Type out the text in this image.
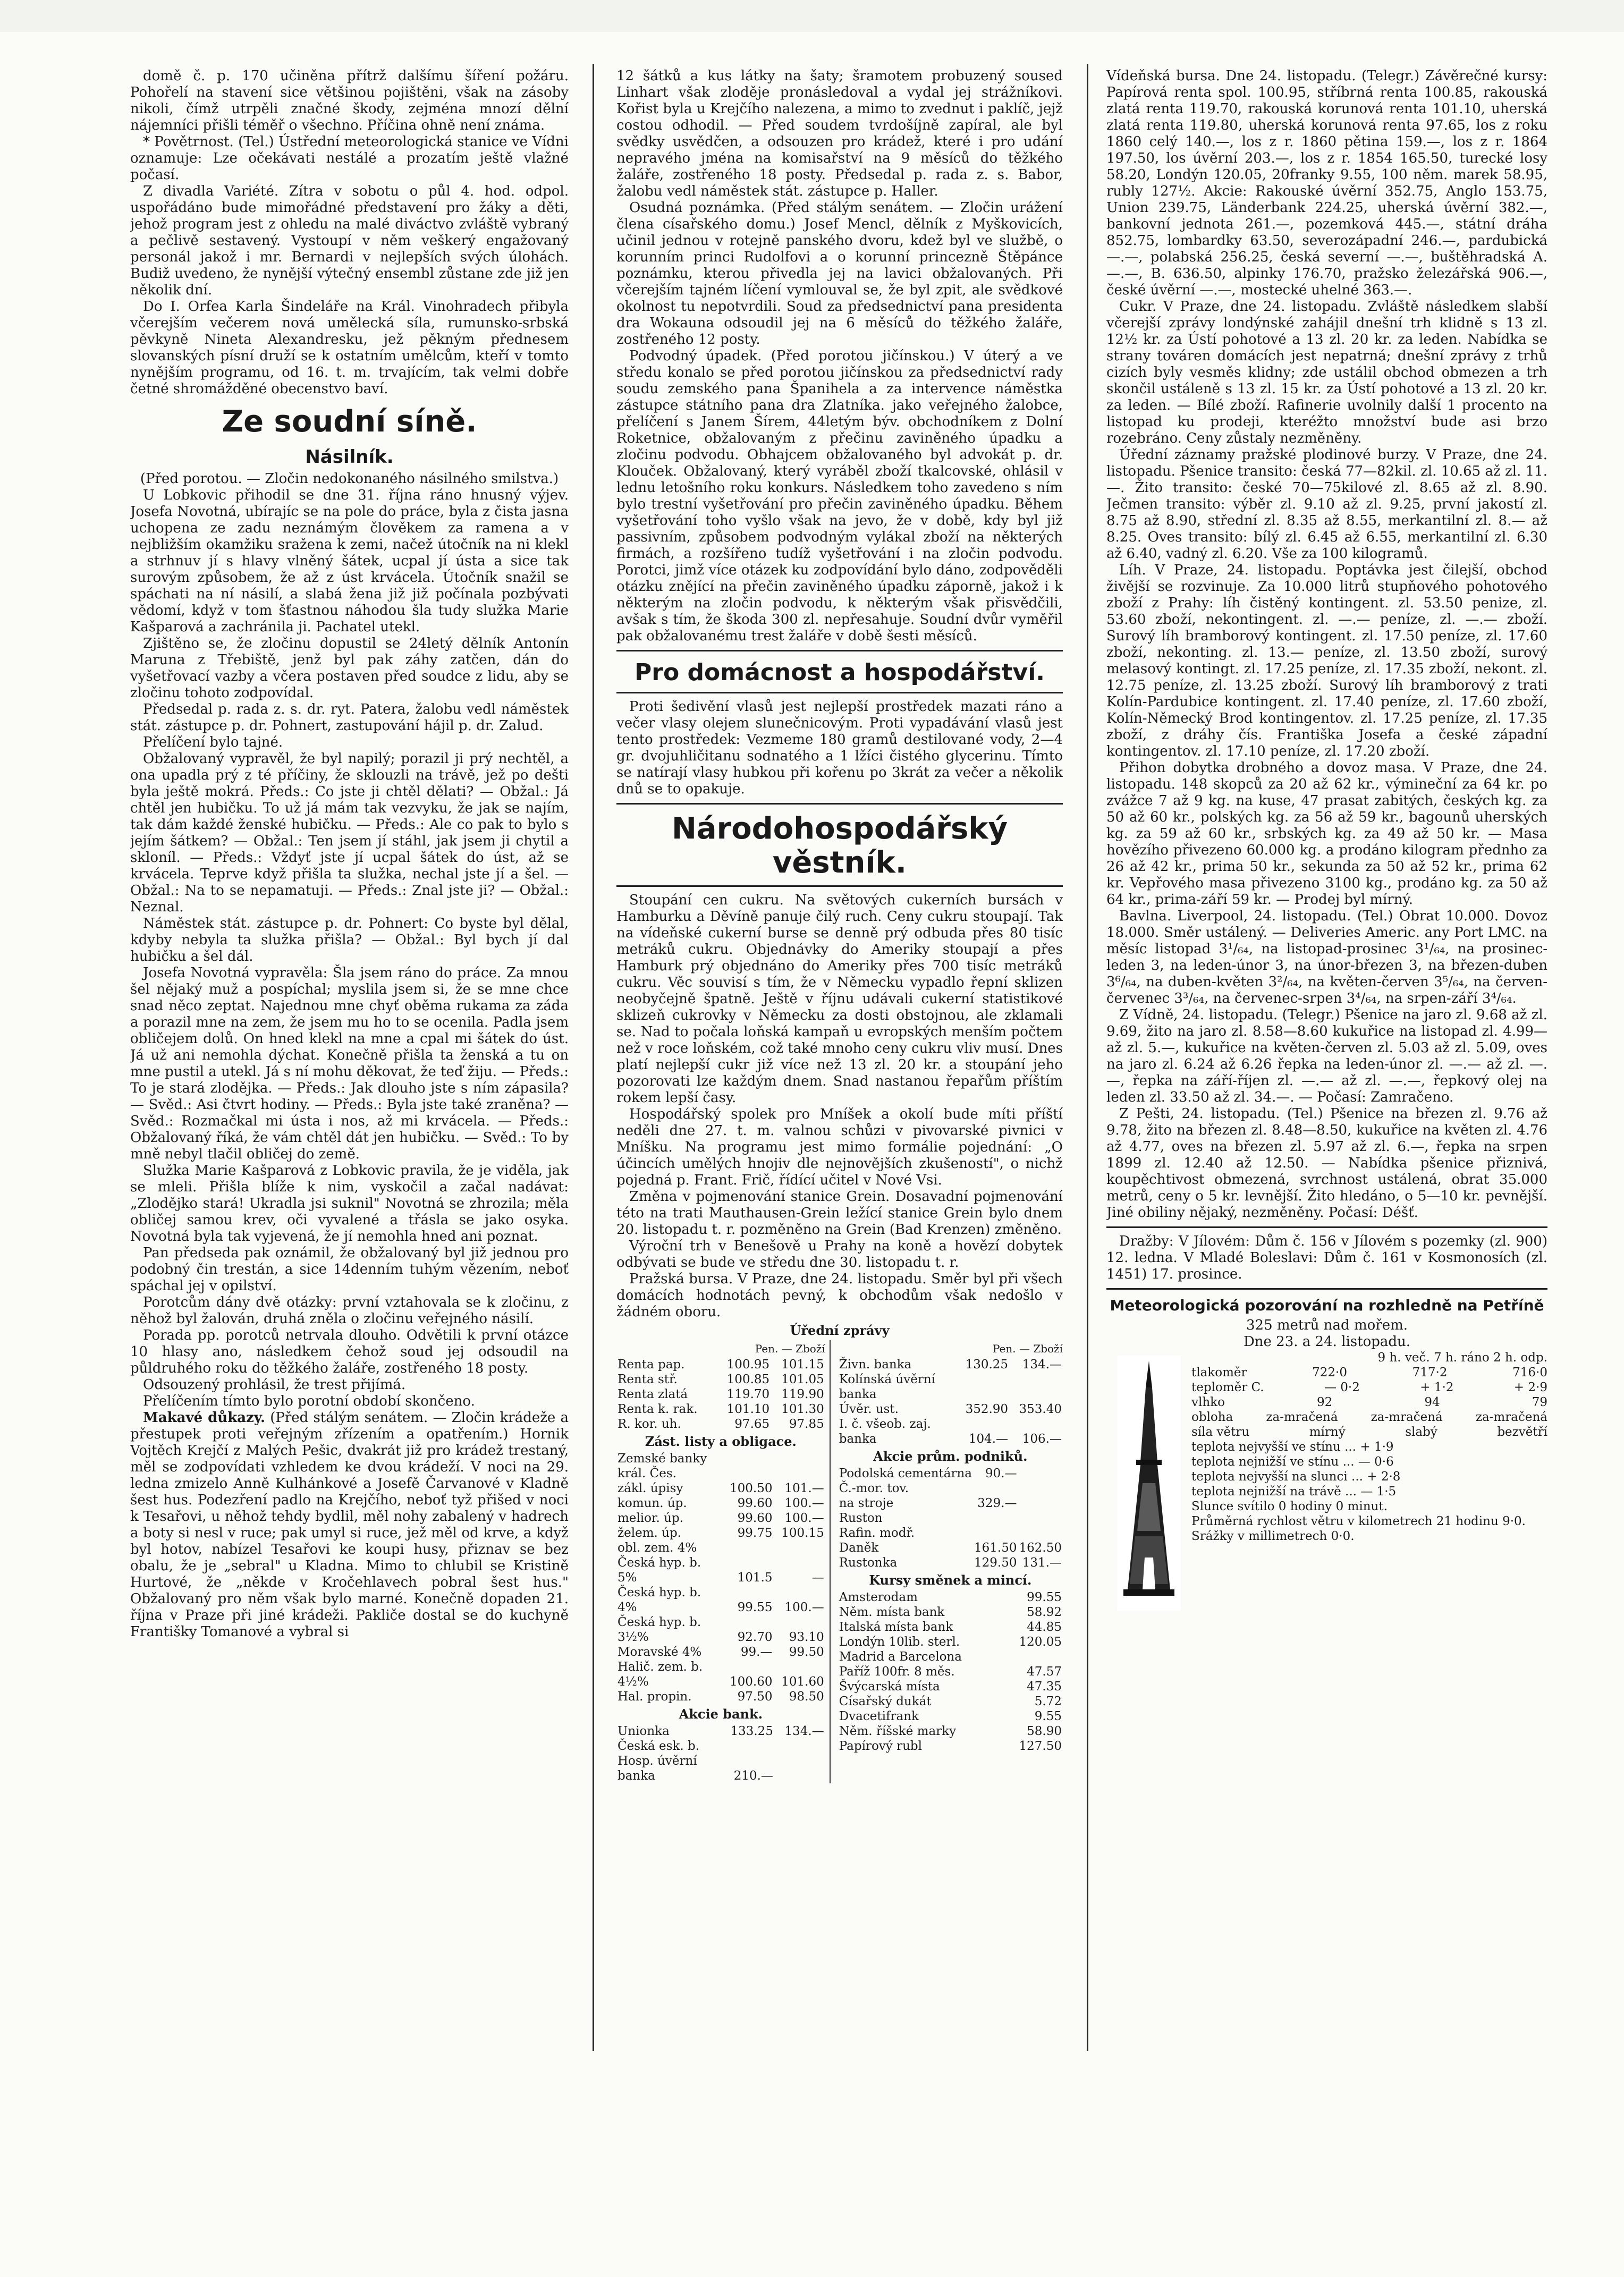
domě č. p. 170 učiněna přítrž dalšímu šíření požáru. Pohořelí na stavení sice většinou pojištěni, však na zásoby nikoli, čímž utrpěli značné škody, zejména mnozí dělní nájemníci přišli téměř o všechno. Příčina ohně není známa.

* Povětrnost. (Tel.) Ústřední meteorologická stanice ve Vídni oznamuje: Lze očekávati nestálé a prozatím ještě vlažné počasí.

Z divadla Variété. Zítra v sobotu o půl 4. hod. odpol. uspořádáno bude mimořádné představení pro žáky a děti, jehož program jest z ohledu na malé diváctvo zvláště vybraný a pečlivě sestavený. Vystoupí v něm veškerý engažovaný personál jakož i mr. Bernardi v nejlepších svých úlohách. Budiž uvedeno, že nynější výtečný ensembl zůstane zde již jen několik dní.

Do I. Orfea Karla Šindeláře na Král. Vinohradech přibyla včerejším večerem nová umělecká síla, rumunsko-srbská pěvkyně Nineta Alexandresku, jež pěkným přednesem slovanských písní druží se k ostatním umělcům, kteří v tomto nynějším programu, od 16. t. m. trvajícím, tak velmi dobře četné shromážděné obecenstvo baví.

Ze soudní síně.
Násilník.

(Před porotou. — Zločin nedokonaného násilného smilstva.)

U Lobkovic přihodil se dne 31. října ráno hnusný výjev. Josefa Novotná, ubírajíc se na pole do práce, byla z čista jasna uchopena ze zadu neznámým člověkem za ramena a v nejbližším okamžiku sražena k zemi, načež útočník na ni klekl a strhnuv jí s hlavy vlněný šátek, ucpal jí ústa a sice tak surovým způsobem, že až z úst krvácela. Útočník snažil se spáchati na ní násilí, a slabá žena již již počínala pozbývati vědomí, když v tom šťastnou náhodou šla tudy služka Marie Kašparová a zachránila ji. Pachatel utekl.

Zjištěno se, že zločinu dopustil se 24letý dělník Antonín Maruna z Třebiště, jenž byl pak záhy zatčen, dán do vyšetřovací vazby a včera postaven před soudce z lidu, aby se zločinu tohoto zodpovídal.

Předsedal p. rada z. s. dr. ryt. Patera, žalobu vedl náměstek stát. zástupce p. dr. Pohnert, zastupování hájil p. dr. Zalud.

Přelíčení bylo tajné.

Obžalovaný vypravěl, že byl napilý; porazil ji prý nechtěl, a ona upadla prý z té příčiny, že sklouzli na trávě, jež po dešti byla ještě mokrá. Předs.: Co jste ji chtěl dělati? — Obžal.: Já chtěl jen hubičku. To už já mám tak vezvyku, že jak se najím, tak dám každé ženské hubičku. — Předs.: Ale co pak to bylo s jejím šátkem? — Obžal.: Ten jsem jí stáhl, jak jsem ji chytil a skloníl. — Předs.: Vždyť jste jí ucpal šátek do úst, až se krvácela. Teprve když přišla ta služka, nechal jste jí a šel. — Obžal.: Na to se nepamatuji. — Předs.: Znal jste ji? — Obžal.: Neznal.

Náměstek stát. zástupce p. dr. Pohnert: Co byste byl dělal, kdyby nebyla ta služka přišla? — Obžal.: Byl bych jí dal hubičku a šel dál.

Josefa Novotná vypravěla: Šla jsem ráno do práce. Za mnou šel nějaký muž a pospíchal; myslila jsem si, že se mne chce snad něco zeptat. Najednou mne chyť oběma rukama za záda a porazil mne na zem, že jsem mu ho to se ocenila. Padla jsem obličejem dolů. On hned klekl na mne a cpal mi šátek do úst. Já už ani nemohla dýchat. Konečně přišla ta ženská a tu on mne pustil a utekl. Já s ní mohu děkovat, že teď žiju. — Předs.: To je stará zlodějka. — Předs.: Jak dlouho jste s ním zápasila? — Svěd.: Asi čtvrt hodiny. — Předs.: Byla jste také zraněna? — Svěd.: Rozmačkal mi ústa i nos, až mi krvácela. — Předs.: Obžalovaný říká, že vám chtěl dát jen hubičku. — Svěd.: To by mně nebyl tlačil obličej do země.

Služka Marie Kašparová z Lobkovic pravila, že je viděla, jak se mleli. Přišla blíže k nim, vyskočil a začal nadávat: „Zlodějko stará! Ukradla jsi suknil" Novotná se zhrozila; měla obličej samou krev, oči vyvalené a třásla se jako osyka. Novotná byla tak vyjevená, že jí nemohla hned ani poznat.

Pan předseda pak oznámil, že obžalovaný byl již jednou pro podobný čin trestán, a sice 14denním tuhým vězením, neboť spáchal jej v opilství.

Porotcům dány dvě otázky: první vztahovala se k zločinu, z něhož byl žalován, druhá zněla o zločinu veřejného násilí.

Porada pp. porotců netrvala dlouho. Odvětili k první otázce 10 hlasy ano, následkem čehož soud jej odsoudil na půldruhého roku do těžkého žaláře, zostřeného 18 posty.

Odsouzený prohlásil, že trest přijímá.

Přelíčením tímto bylo porotní období skončeno.

Makavé důkazy. (Před stálým senátem. — Zločin krádeže a přestupek proti veřejným zřízením a opatřením.) Hornik Vojtěch Krejčí z Malých Pešic, dvakrát již pro krádež trestaný, měl se zodpovídati vzhledem ke dvou krádeží. V noci na 29. ledna zmizelo Anně Kulhánkové a Josefě Čarvanové v Kladně šest hus. Podezření padlo na Krejčího, neboť tyž přišed v noci k Tesařovi, u něhož tehdy bydlil, měl nohy zabalený v hadrech a boty si nesl v ruce; pak umyl si ruce, jež měl od krve, a když byl hotov, nabízel Tesařovi ke koupi husy, přiznav se bez obalu, že je „sebral" u Kladna. Mimo to chlubil se Kristině Hurtové, že „někde v Kročehlavech pobral šest hus." Obžalovaný pro něm však bylo marné. Konečně dopaden 21. října v Praze při jiné krádeži. Pakliče dostal se do kuchyně Františky Tomanové a vybral si

12 šátků a kus látky na šaty; šramotem probuzený soused Linhart však zloděje pronásledoval a vydal jej strážníkovi. Kořist byla u Krejčího nalezena, a mimo to zvednut i paklíč, jejž costou odhodil. — Před soudem tvrdošíjně zapíral, ale byl svědky usvědčen, a odsouzen pro krádež, které i pro udání nepravého jména na komisařství na 9 měsíců do těžkého žaláře, zostřeného 18 posty. Předsedal p. rada z. s. Babor, žalobu vedl náměstek stát. zástupce p. Haller.

Osudná poznámka. (Před stálým senátem. — Zločin urážení člena císařského domu.) Josef Mencl, dělník z Myškovicích, učinil jednou v rotejně panského dvoru, kdež byl ve službě, o korunním princi Rudolfovi a o korunní princezně Štěpánce poznámku, kterou přivedla jej na lavici obžalovaných. Při včerejším tajném líčení vymlouval se, že byl zpit, ale svědkové okolnost tu nepotvrdili. Soud za předsednictví pana presidenta dra Wokauna odsoudil jej na 6 měsíců do těžkého žaláře, zostřeného 12 posty.

Podvodný úpadek. (Před porotou jičínskou.) V úterý a ve středu konalo se před porotou jičínskou za předsednictví rady soudu zemského pana Španihela a za intervence náměstka zástupce státního pana dra Zlatníka. jako veřejného žalobce, přelíčení s Janem Šírem, 44letým býv. obchodníkem z Dolní Roketnice, obžalovaným z přečinu zaviněného úpadku a zločinu podvodu. Obhajcem obžalovaného byl advokát p. dr. Klouček. Obžalovaný, který vyráběl zboží tkalcovské, ohlásil v lednu letošního roku konkurs. Následkem toho zavedeno s ním bylo trestní vyšetřování pro přečin zaviněného úpadku. Během vyšetřování toho vyšlo však na jevo, že v době, kdy byl již passivním, způsobem podvodným vylákal zboží na některých firmách, a rozšířeno tudíž vyšetřování i na zločin podvodu. Porotci, jimž více otázek ku zodpovídání bylo dáno, zodpověděli otázku znějící na přečin zaviněného úpadku záporně, jakož i k některým na zločin podvodu, k některým však přisvědčili, avšak s tím, že škoda 300 zl. nepřesahuje. Soudní dvůr vyměřil pak obžalovanému trest žaláře v době šesti měsíců.

Pro domácnost a hospodářství.

Proti šedivění vlasů jest nejlepší prostředek mazati ráno a večer vlasy olejem slunečnicovým. Proti vypadávání vlasů jest tento prostředek: Vezmeme 180 gramů destilované vody, 2—4 gr. dvojuhličitanu sodnatého a 1 lžíci čistého glycerinu. Tímto se natírají vlasy hubkou při kořenu po 3krát za večer a několik dnů se to opakuje.

Národohospodářský věstník.

Stoupání cen cukru. Na světových cukerních bursách v Hamburku a Děvíně panuje čilý ruch. Ceny cukru stoupají. Tak na vídeňské cukerní burse se denně prý odbuda přes 80 tisíc metráků cukru. Objednávky do Ameriky stoupají a přes Hamburk prý objednáno do Ameriky přes 700 tisíc metráků cukru. Věc souvisí s tím, že v Německu vypadlo řepní sklizen neobyčejně špatně. Ještě v říjnu udávali cukerní statistikové sklizeň cukrovky v Německu za dosti obstojnou, ale zklamali se. Nad to počala loňská kampaň u evropských menším počtem než v roce loňském, což také mnoho ceny cukru vliv musí. Dnes platí nejlepší cukr již více než 13 zl. 20 kr. a stoupání jeho pozorovati lze každým dnem. Snad nastanou řepařům příštím rokem lepší časy.

Hospodářský spolek pro Mníšek a okolí bude míti příští neděli dne 27. t. m. valnou schůzi v pivovarské pivnici v Mníšku. Na programu jest mimo formálie pojednání: „O účincích umělých hnojiv dle nejnovějších zkušeností", o nichž pojedná p. Frant. Frič, řídící učitel v Nové Vsi.

Změna v pojmenování stanice Grein. Dosavadní pojmenování této na trati Mauthausen-Grein ležící stanice Grein bylo dnem 20. listopadu t. r. pozměněno na Grein (Bad Krenzen) změněno.

Výroční trh v Benešově u Prahy na koně a hovězí dobytek odbývati se bude ve středu dne 30. listopadu t. r.

Pražská bursa. V Praze, dne 24. listopadu. Směr byl při všech domácích hodnotách pevný, k obchodům však nedošlo v žádném oboru.

Úřední zprávy
Pen. — Zboží
Renta pap.	100.95	101.15
Renta stř.	100.85	101.05
Renta zlatá	119.70	119.90
Renta k. rak.	101.10	101.30
R. kor. uh.	97.65	97.85
Zást. listy a obligace.
Zemské banky		
král. Čes.		
zákl. úpisy	100.50	101.—
komun. úp.	99.60	100.—
melior. úp.	99.60	100.—
želem. úp.	99.75	100.15
obl. zem. 4%		
Česká hyp. b.		
5%	101.5	—
Česká hyp. b.		
4%	99.55	100.—
Česká hyp. b.		
3½%	92.70	93.10
Moravské 4%	99.—	99.50
Halič. zem. b.		
4½%	100.60	101.60
Hal. propin.	97.50	98.50
Akcie bank.
Unionka	133.25	134.—
Česká esk. b.		
Hosp. úvěrní		
banka	210.—	
Pen. — Zboží
Živn. banka	130.25	134.—
Kolínská úvěrní		
banka		
Úvěr. ust.	352.90	353.40
I. č. všeob. zaj.		
banka	104.—	106.—
Akcie prům. podniků.
Podolská cementárna	90.—	
Č.-mor. tov.		
na stroje	329.—	
Ruston		
Rafin. modř.		
Daněk	161.50	162.50
Rustonka	129.50	131.—
Kursy směnek a mincí.
Amsterodam		99.55
Něm. místa bank		58.92
Italská místa bank		44.85
Londýn 10lib. sterl.		120.05
Madrid a Barcelona		
Paříž 100fr. 8 měs.		47.57
Švýcarská místa		47.35
Císařský dukát		5.72
Dvacetifrank		9.55
Něm. říšské marky		58.90
Papírový rubl		127.50

Vídeňská bursa. Dne 24. listopadu. (Telegr.) Závěrečné kursy: Papírová renta spol. 100.95, stříbrná renta 100.85, rakouská zlatá renta 119.70, rakouská korunová renta 101.10, uherská zlatá renta 119.80, uherská korunová renta 97.65, los z roku 1860 celý 140.—, los z r. 1860 pětina 159.—, los z r. 1864 197.50, los úvěrní 203.—, los z r. 1854 165.50, turecké losy 58.20, Londýn 120.05, 20franky 9.55, 100 něm. marek 58.95, rubly 127½. Akcie: Rakouské úvěrní 352.75, Anglo 153.75, Union 239.75, Länderbank 224.25, uherská úvěrní 382.—, bankovní jednota 261.—, pozemková 445.—, státní dráha 852.75, lombardky 63.50, severozápadní 246.—, pardubická —.—, polabská 256.25, česká severní —.—, buštěhradská A. —.—, B. 636.50, alpinky 176.70, pražsko železářská 906.—, české úvěrní —.—, mostecké uhelné 363.—.

Cukr. V Praze, dne 24. listopadu. Zvláště následkem slabší včerejší zprávy londýnské zahájil dnešní trh klidně s 13 zl. 12½ kr. za Ústí pohotové a 13 zl. 20 kr. za leden. Nabídka se strany továren domácích jest nepatrná; dnešní zprávy z trhů cizích byly vesměs klidny; zde ustálil obchod obmezen a trh skončil ustáleně s 13 zl. 15 kr. za Ústí pohotové a 13 zl. 20 kr. za leden. — Bílé zboží. Rafinerie uvolnily další 1 procento na listopad ku prodeji, kteréžto množství bude asi brzo rozebráno. Ceny zůstaly nezměněny.

Úřední záznamy pražské plodinové burzy. V Praze, dne 24. listopadu. Pšenice transito: česká 77—82kil. zl. 10.65 až zl. 11.—. Žito transito: české 70—75kilové zl. 8.65 až zl. 8.90. Ječmen transito: výběr zl. 9.10 až zl. 9.25, první jakostí zl. 8.75 až 8.90, střední zl. 8.35 až 8.55, merkantilní zl. 8.— až 8.25. Oves transito: bílý zl. 6.45 až 6.55, merkantilní zl. 6.30 až 6.40, vadný zl. 6.20. Vše za 100 kilogramů.

Líh. V Praze, 24. listopadu. Poptávka jest čilejší, obchod živější se rozvinuje. Za 10.000 litrů stupňového pohotového zboží z Prahy: líh čistěný kontingent. zl. 53.50 penize, zl. 53.60 zboží, nekontingent. zl. —.— peníze, zl. —.— zboží. Surový líh bramborový kontingent. zl. 17.50 peníze, zl. 17.60 zboží, nekonting. zl. 13.— peníze, zl. 13.50 zboží, surový melasový kontingt. zl. 17.25 peníze, zl. 17.35 zboží, nekont. zl. 12.75 peníze, zl. 13.25 zboží. Surový líh bramborový z trati Kolín-Pardubice kontingent. zl. 17.40 peníze, zl. 17.60 zboží, Kolín-Německý Brod kontingentov. zl. 17.25 peníze, zl. 17.35 zboží, z dráhy čís. Františka Josefa a české západní kontingentov. zl. 17.10 peníze, zl. 17.20 zboží.

Přihon dobytka drobného a dovoz masa. V Praze, dne 24. listopadu. 148 skopců za 20 až 62 kr., výmineční za 64 kr. po zvážce 7 až 9 kg. na kuse, 47 prasat zabitých, českých kg. za 50 až 60 kr., polských kg. za 56 až 59 kr., bagounů uherských kg. za 59 až 60 kr., srbských kg. za 49 až 50 kr. — Masa hovězího přivezeno 60.000 kg. a prodáno kilogram přednho za 26 až 42 kr., prima 50 kr., sekunda za 50 až 52 kr., prima 62 kr. Vepřového masa přivezeno 3100 kg., prodáno kg. za 50 až 64 kr., prima-září 59 kr. — Prodej byl mírný.

Bavlna. Liverpool, 24. listopadu. (Tel.) Obrat 10.000. Dovoz 18.000. Směr ustálený. — Deliveries Americ. any Port LMC. na měsíc listopad 3¹/₆₄, na listopad-prosinec 3¹/₆₄, na prosinec-leden 3, na leden-únor 3, na únor-březen 3, na březen-duben 3⁶/₆₄, na duben-květen 3²/₆₄, na květen-červen 3⁵/₆₄, na červen-červenec 3³/₆₄, na červenec-srpen 3⁴/₆₄, na srpen-září 3⁴/₆₄.

Z Vídně, 24. listopadu. (Telegr.) Pšenice na jaro zl. 9.68 až zl. 9.69, žito na jaro zl. 8.58—8.60 kukuřice na listopad zl. 4.99—až zl. 5.—, kukuřice na květen-červen zl. 5.03 až zl. 5.09, oves na jaro zl. 6.24 až 6.26 řepka na leden-únor zl. —.— až zl. —.—, řepka na září-říjen zl. —.— až zl. —.—, řepkový olej na leden zl. 33.50 až zl. 34.—. — Počasí: Zamračeno.

Z Pešti, 24. listopadu. (Tel.) Pšenice na březen zl. 9.76 až 9.78, žito na březen zl. 8.48—8.50, kukuřice na květen zl. 4.76 až 4.77, oves na březen zl. 5.97 až zl. 6.—, řepka na srpen 1899 zl. 12.40 až 12.50. — Nabídka pšenice přiznivá, koupěchtivost obmezená, svrchnost ustálená, obrat 35.000 metrů, ceny o 5 kr. levnější. Žito hledáno, o 5—10 kr. pevnější. Jiné obiliny nějaký, nezměněny. Počasí: Déšť.

Dražby: V Jílovém: Dům č. 156 v Jílovém s pozemky (zl. 900) 12. ledna. V Mladé Boleslavi: Dům č. 161 v Kosmonosích (zl. 1451) 17. prosince.

Meteorologická pozorování na rozhledně na Petříně

325 metrů nad mořem.

Dne 23. a 24. listopadu.

9 h. več. 7 h. ráno 2 h. odp.
tlakoměr	722·0	717·2	716·0
teploměr C.	— 0·2	+ 1·2	+ 2·9
vlhko	92	94	79
obloha	za-mračená	za-mračená	za-mračená
síla větru	mírný	slabý	bezvětří
teplota nejvyšší ve stínu ... + 1·9
teplota nejnižší ve stínu ... — 0·6
teplota nejvyšší na slunci ... + 2·8
teplota nejnižší na trávě ... — 1·5
Slunce svítilo 0 hodiny 0 minut.
Průměrná rychlost větru v kilometrech 21 hodinu 9·0.
Srážky v millimetrech 0·0.
